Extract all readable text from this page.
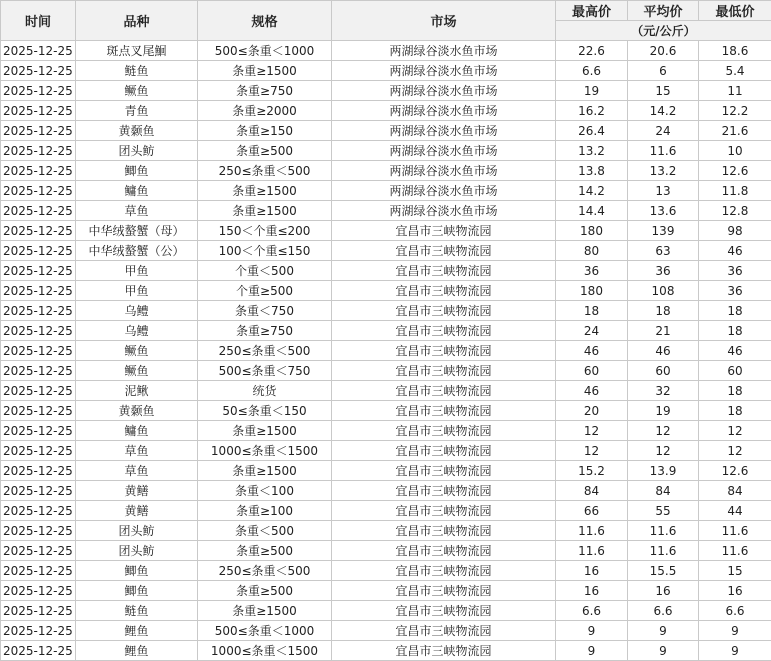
时间	品种	规格	市场	最高价	平均价	最低价
				（元/公斤）		
2025-12-25	斑点叉尾鮰	500≤条重＜1000	两湖绿谷淡水鱼市场	22.6	20.6	18.6
2025-12-25	鲢鱼	条重≥1500	两湖绿谷淡水鱼市场	6.6	6	5.4
2025-12-25	鳜鱼	条重≥750	两湖绿谷淡水鱼市场	19	15	11
2025-12-25	青鱼	条重≥2000	两湖绿谷淡水鱼市场	16.2	14.2	12.2
2025-12-25	黄颡鱼	条重≥150	两湖绿谷淡水鱼市场	26.4	24	21.6
2025-12-25	团头鲂	条重≥500	两湖绿谷淡水鱼市场	13.2	11.6	10
2025-12-25	鲫鱼	250≤条重＜500	两湖绿谷淡水鱼市场	13.8	13.2	12.6
2025-12-25	鳙鱼	条重≥1500	两湖绿谷淡水鱼市场	14.2	13	11.8
2025-12-25	草鱼	条重≥1500	两湖绿谷淡水鱼市场	14.4	13.6	12.8
2025-12-25	中华绒螯蟹（母）	150＜个重≤200	宜昌市三峡物流园	180	139	98
2025-12-25	中华绒螯蟹（公）	100＜个重≤150	宜昌市三峡物流园	80	63	46
2025-12-25	甲鱼	个重＜500	宜昌市三峡物流园	36	36	36
2025-12-25	甲鱼	个重≥500	宜昌市三峡物流园	180	108	36
2025-12-25	乌鳢	条重＜750	宜昌市三峡物流园	18	18	18
2025-12-25	乌鳢	条重≥750	宜昌市三峡物流园	24	21	18
2025-12-25	鳜鱼	250≤条重＜500	宜昌市三峡物流园	46	46	46
2025-12-25	鳜鱼	500≤条重＜750	宜昌市三峡物流园	60	60	60
2025-12-25	泥鳅	统货	宜昌市三峡物流园	46	32	18
2025-12-25	黄颡鱼	50≤条重＜150	宜昌市三峡物流园	20	19	18
2025-12-25	鳙鱼	条重≥1500	宜昌市三峡物流园	12	12	12
2025-12-25	草鱼	1000≤条重＜1500	宜昌市三峡物流园	12	12	12
2025-12-25	草鱼	条重≥1500	宜昌市三峡物流园	15.2	13.9	12.6
2025-12-25	黄鳝	条重＜100	宜昌市三峡物流园	84	84	84
2025-12-25	黄鳝	条重≥100	宜昌市三峡物流园	66	55	44
2025-12-25	团头鲂	条重＜500	宜昌市三峡物流园	11.6	11.6	11.6
2025-12-25	团头鲂	条重≥500	宜昌市三峡物流园	11.6	11.6	11.6
2025-12-25	鲫鱼	250≤条重＜500	宜昌市三峡物流园	16	15.5	15
2025-12-25	鲫鱼	条重≥500	宜昌市三峡物流园	16	16	16
2025-12-25	鲢鱼	条重≥1500	宜昌市三峡物流园	6.6	6.6	6.6
2025-12-25	鲤鱼	500≤条重＜1000	宜昌市三峡物流园	9	9	9
2025-12-25	鲤鱼	1000≤条重＜1500	宜昌市三峡物流园	9	9	9
